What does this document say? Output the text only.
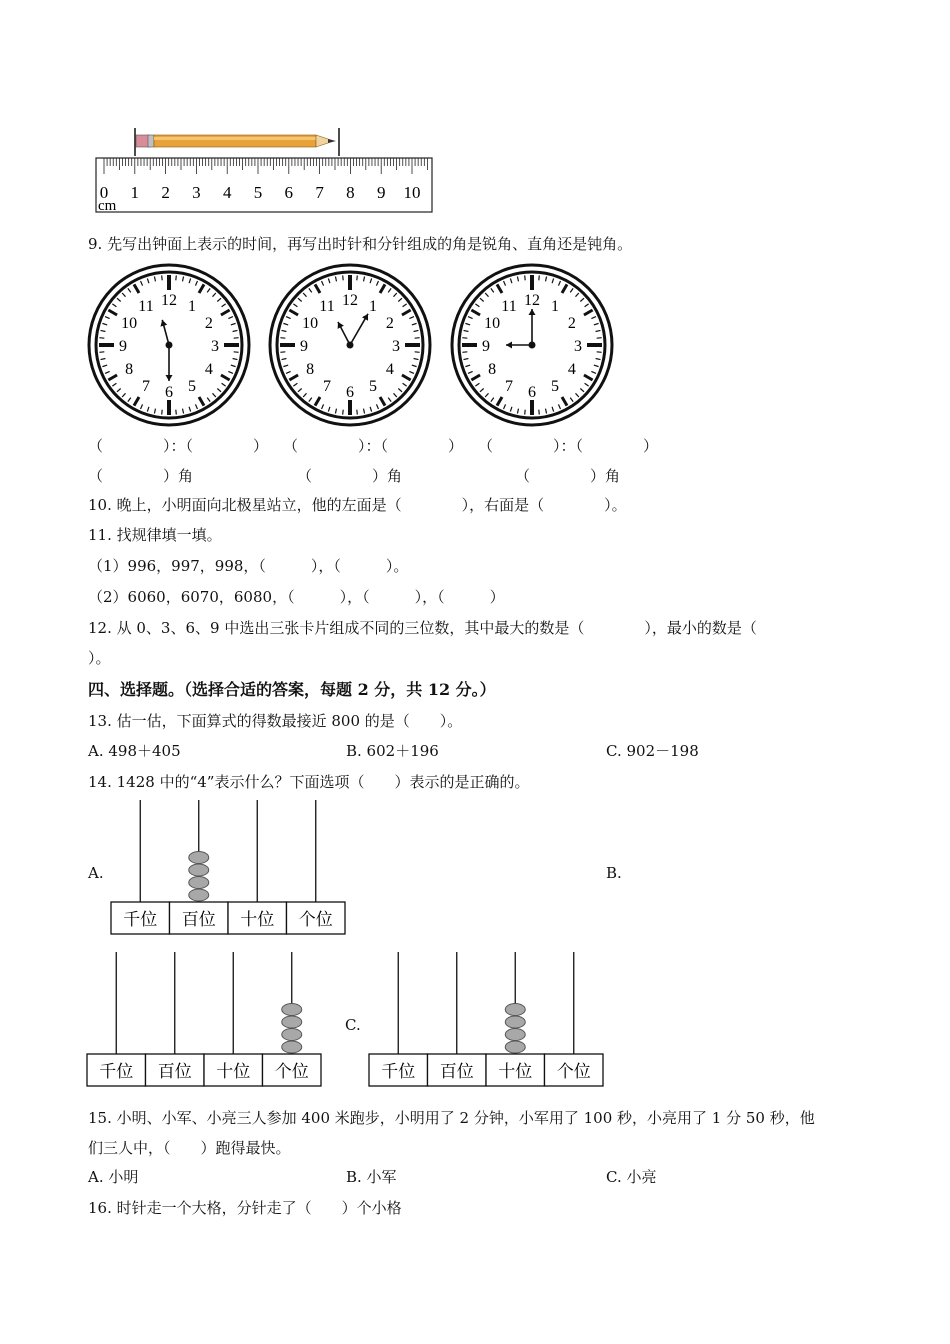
0 1 2 3 4 5 6 7 8 9 10
cm
9. 先写出钟面上表示的时间，再写出时针和分针组成的角是锐角、直角还是钝角。
12 1
2
3
4
5
6
7
8
9
10
11	12 1
2
3
4
5
6
7
8
9
10
11	12 1
2
3
4
5
6
7
8
9
10
11
（　　　　）：（　　　　）　　（　　　　）：（　　　　）　　（　　　　）：（　　　　）
（　　　　）角	（　　　　）角	（　　　　）角
10. 晚上，小明面向北极星站立，他的左面是（　　　　），右面是（　　　　）。
11. 找规律填一填。
（1）996，997，998，（　　　），（　　　）。
（2）6060，6070，6080，（　　　），（　　　），（　　　）
12. 从 0、3、6、9 中选出三张卡片组成不同的三位数，其中最大的数是（　　　　），最小的数是（
）。
四、选择题。（选择合适的答案，每题 2 分，共 12 分。）
13. 估一估，下面算式的得数最接近 800 的是（　　）。
A. 498＋405	B. 602＋196	C. 902－198
14. 1428 中的“4”表示什么？下面选项（　　）表示的是正确的。
A.	B.
C.
千位 百位 十位 个位
千位 百位 十位 个位	千位 百位 十位 个位
15. 小明、小军、小亮三人参加 400 米跑步，小明用了 2 分钟，小军用了 100 秒，小亮用了 1 分 50 秒，他
们三人中，（　　）跑得最快。
A. 小明	B. 小军	C. 小亮
16. 时针走一个大格，分针走了（　　）个小格
